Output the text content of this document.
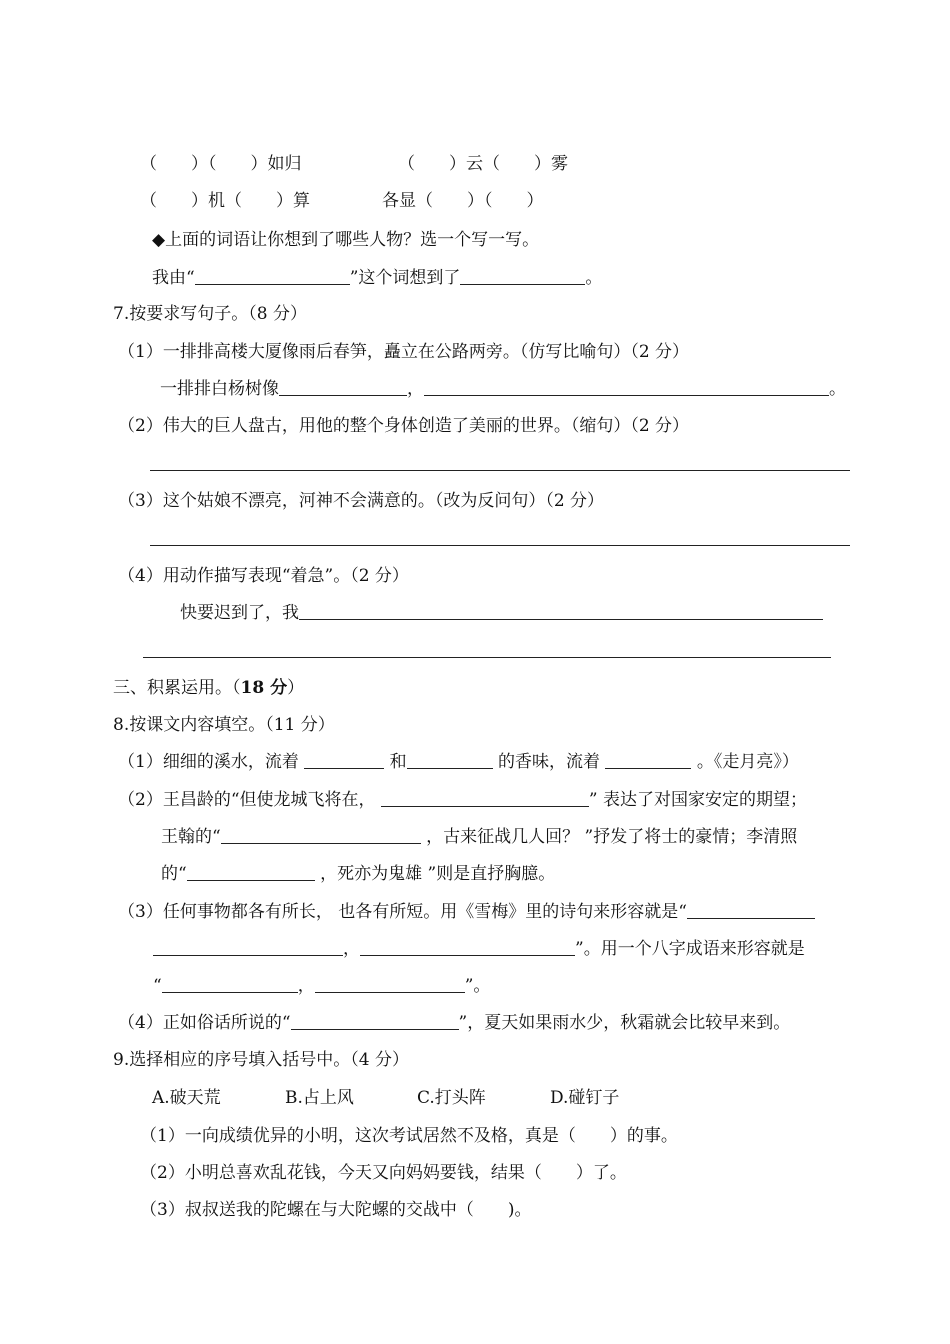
（　　）（　　）如归	（　　）云（　　）雾
（　　）机（　　）算	各显（　　）（　　）
◆上面的词语让你想到了哪些人物？选一个写一写。
我由“	”这个词想到了	。
7.按要求写句子。（8 分）
（1）一排排高楼大厦像雨后春笋，矗立在公路两旁。（仿写比喻句）（2 分）
一排排白杨树像	，	。
（2）伟大的巨人盘古，用他的整个身体创造了美丽的世界。（缩句）（2 分）
（3）这个姑娘不漂亮，河神不会满意的。（改为反问句）（2 分）
（4）用动作描写表现“着急”。（2 分）
快要迟到了，我
三、积累运用。（18 分）
8.按课文内容填空。（11 分）
（1）细细的溪水，流着	和	的香味，流着	。《走月亮》）
（2）王昌龄的“但使龙城飞将在，	” 表达了对国家安定的期望；
王翰的“	，古来征战几人回？ ”抒发了将士的豪情；李清照
的“	，死亦为鬼雄 ”则是直抒胸臆。
（3）任何事物都各有所长， 也各有所短。用《雪梅》里的诗句来形容就是“
，	”。用一个八字成语来形容就是
“	，	”。
（4）正如俗话所说的“	”，夏天如果雨水少，秋霜就会比较早来到。
9.选择相应的序号填入括号中。（4 分）
A.破天荒	B.占上风	C.打头阵	D.碰钉子
（1）一向成绩优异的小明，这次考试居然不及格，真是（　　）的事。
（2）小明总喜欢乱花钱，今天又向妈妈要钱，结果（　　）了。
（3）叔叔送我的陀螺在与大陀螺的交战中（　　)。
